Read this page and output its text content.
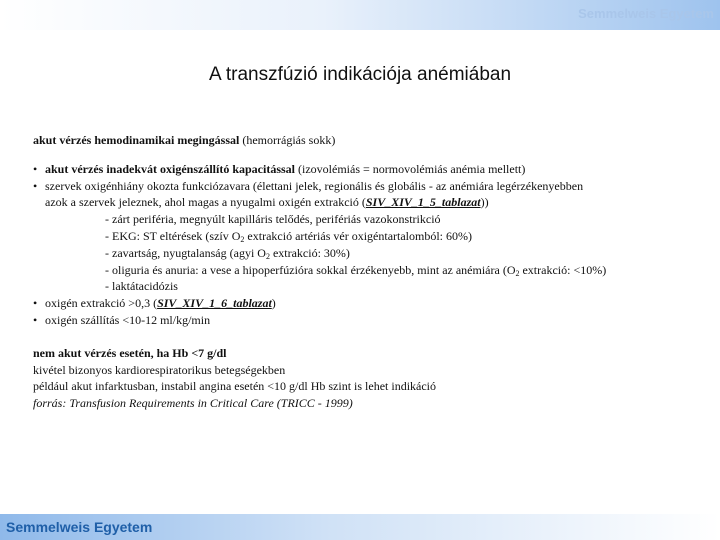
Semmelweis Egyetem
A transzfúzió indikációja anémiában
akut vérzés hemodinamikai megingással (hemorrágiás sokk)
• akut vérzés inadekvát oxigénszállító kapacitással (izovolémiás = normovolémiás anémia mellett)
• szervek oxigénhiány okozta funkciózavara (élettani jelek, regionális és globális - az anémiára legérzékenyebben
azok a szervek jeleznek, ahol magas a nyugalmi oxigén extrakció (SIV_XIV_1_5_tablazat))
- zárt periféria, megnyúlt kapilláris telődés, perifériás vazokonstrikció
- EKG: ST eltérések (szív $O_2$ extrakció artériás vér oxigéntartalomból: 60%)
- zavartság, nyugtalanság (agyi $O_2$ extrakció: 30%)
- oliguria és anuria: a vese a hipoperfúzióra sokkal érzékenyebb, mint az anémiára ($O_2$ extrakció: <10%)
- laktátacidózis
• oxigén extrakció >0,3 (SIV_XIV_1_6_tablazat)
• oxigén szállítás <10-12 ml/kg/min
nem akut vérzés esetén, ha Hb <7 g/dl
kivétel bizonyos kardiorespiratorikus betegségekben
például akut infarktusban, instabil angina esetén <10 g/dl Hb szint is lehet indikáció
forrás: Transfusion Requirements in Critical Care (TRICC - 1999)
Semmelweis Egyetem
